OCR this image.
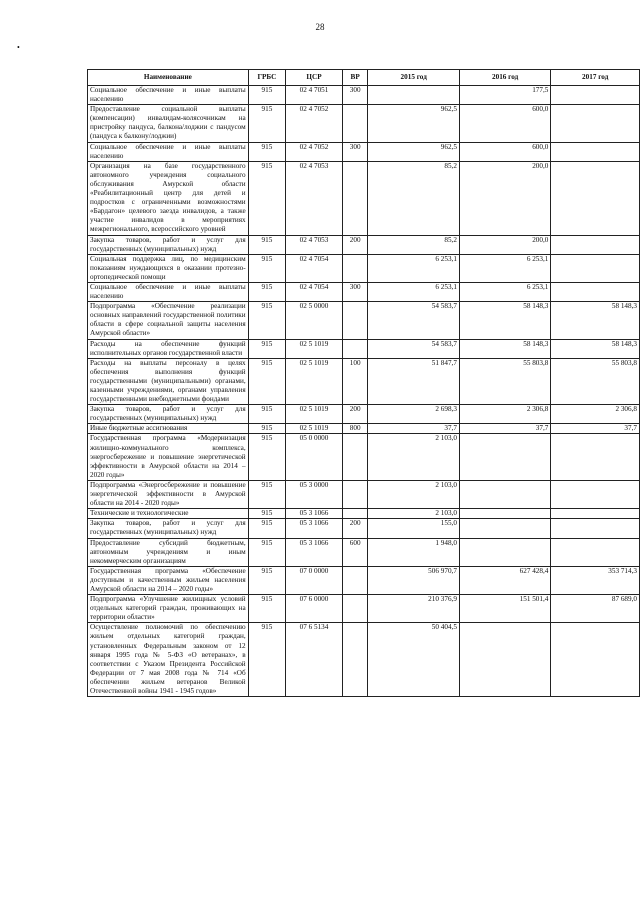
28
•
Наименование	ГРБС	ЦСР	ВР	2015 год	2016 год	2017 год
Социальное обеспечение и иные выплаты населению	915	02 4 7051	300		177,5	
Предоставление социальной выплаты (компенсации) инвалидам-колясочникам на пристройку пандуса, балкона/лоджии с пандусом (пандуса к балкону/лоджии)	915	02 4 7052		962,5	600,0	
Социальное обеспечение и иные выплаты населению	915	02 4 7052	300	962,5	600,0	
Организация на базе государственного автономного учреждения социального обслуживания Амурской области «Реабилитационный центр для детей и подростков с ограниченными возможностями «Бардагон» целевого заезда инвалидов, а также участие инвалидов в мероприятиях межрегионального, всероссийского уровней	915	02 4 7053		85,2	200,0	
Закупка товаров, работ и услуг для государственных (муниципальных) нужд	915	02 4 7053	200	85,2	200,0	
Социальная поддержка лиц, по медицинским показаниям нуждающихся в оказании протезно-ортопедической помощи	915	02 4 7054		6 253,1	6 253,1	
Социальное обеспечение и иные выплаты населению	915	02 4 7054	300	6 253,1	6 253,1	
Подпрограмма «Обеспечение реализации основных направлений государственной политики области в сфере социальной защиты населения Амурской области»	915	02 5 0000		54 583,7	58 148,3	58 148,3
Расходы на обеспечение функций исполнительных органов государственной власти	915	02 5 1019		54 583,7	58 148,3	58 148,3
Расходы на выплаты персоналу в целях обеспечения выполнения функций государственными (муниципальными) органами, казенными учреждениями, органами управления государственными внебюджетными фондами	915	02 5 1019	100	51 847,7	55 803,8	55 803,8
Закупка товаров, работ и услуг для государственных (муниципальных) нужд	915	02 5 1019	200	2 698,3	2 306,8	2 306,8
Иные бюджетные ассигнования	915	02 5 1019	800	37,7	37,7	37,7
Государственная программа «Модернизация жилищно-коммунального комплекса, энергосбережение и повышение энергетической эффективности в Амурской области на 2014 – 2020 годы»	915	05 0 0000		2 103,0		
Подпрограмма «Энергосбережение и повышение энергетической эффективности в Амурской области на 2014 - 2020 годы»	915	05 3 0000		2 103,0		
Технические и технологические	915	05 3 1066		2 103,0		
Закупка товаров, работ и услуг для государственных (муниципальных) нужд	915	05 3 1066	200	155,0		
Предоставление субсидий бюджетным, автономным учреждениям и иным некоммерческим организациям	915	05 3 1066	600	1 948,0		
Государственная программа «Обеспечение доступным и качественным жильем населения Амурской области на 2014 – 2020 годы»	915	07 0 0000		506 970,7	627 428,4	353 714,3
Подпрограмма «Улучшение жилищных условий отдельных категорий граждан, проживающих на территории области»	915	07 6 0000		210 376,9	151 501,4	87 689,0
Осуществление полномочий по обеспечению жильем отдельных категорий граждан, установленных Федеральным законом от 12 января 1995 года № 5-ФЗ «О ветеранах», в соответствии с Указом Президента Российской Федерации от 7 мая 2008 года № 714 «Об обеспечении жильем ветеранов Великой Отечественной войны 1941 - 1945 годов»	915	07 6 5134		50 404,5		
